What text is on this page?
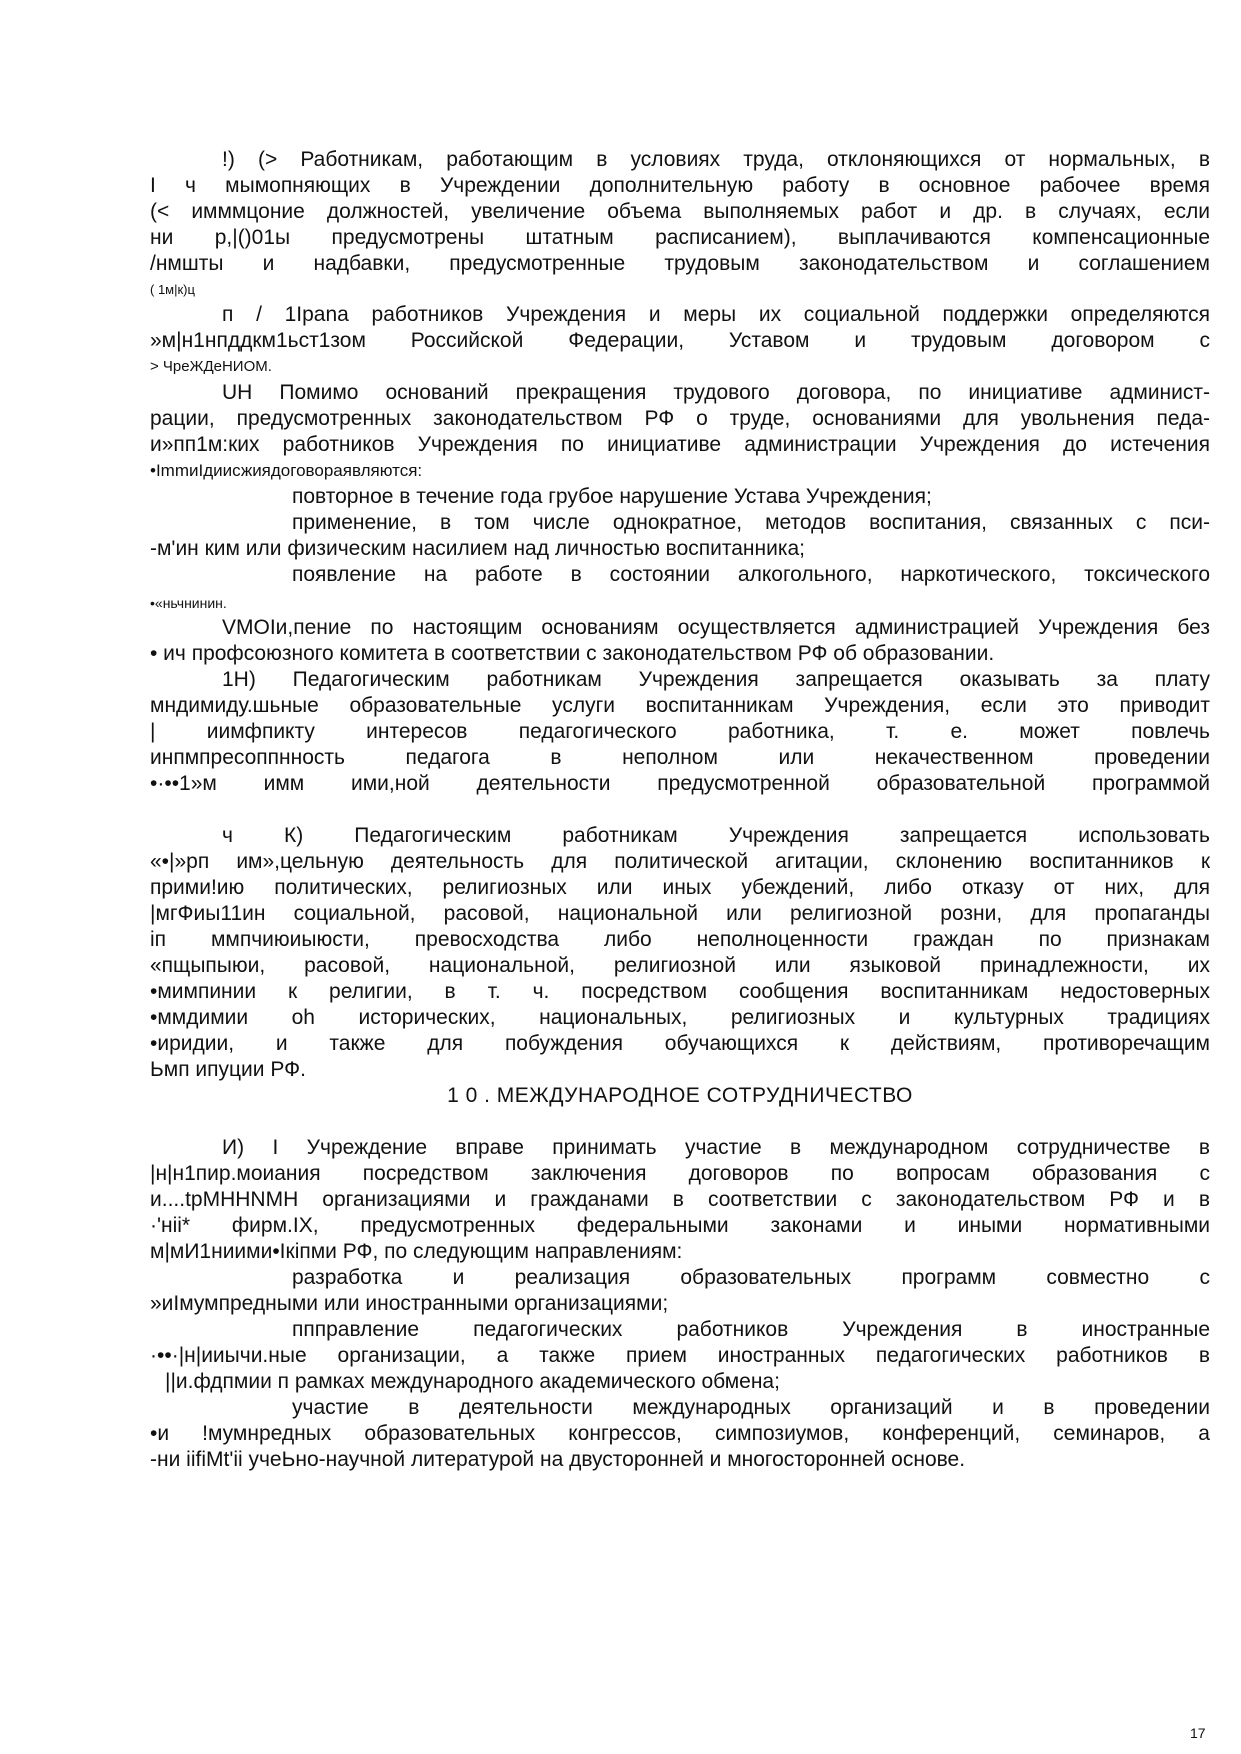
!) (> Работникам, работающим в условиях труда, отклоняющихся от нормальных, в
I ч мымопняющих в Учреждении дополнительную работу в основное рабочее время
(< имммцоние должностей, увеличение объема выполняемых работ и др. в случаях, если
ни р,|()01ы предусмотрены штатным расписанием), выплачиваются компенсационные
/нмшты и надбавки, предусмотренные трудовым законодательством и соглашением
( 1м|к)ц
п / 1Ipana работников Учреждения и меры их социальной поддержки определяются
»м|н1нпддкм1ьст1зом Российской Федерации, Уставом и трудовым договором с
> ЧреЖДеНИОМ.
UH Помимо оснований прекращения трудового договора, по инициативе админист-
рации, предусмотренных законодательством РФ о труде, основаниями для увольнения педа-
и»пп1м:ких работников Учреждения по инициативе администрации Учреждения до истечения
•ImmиIдиисжиядоговораявляются:
повторное в течение года грубое нарушение Устава Учреждения;
применение, в том числе однократное, методов воспитания, связанных с пси-
-м'ин ким или физическим насилием над личностью воспитанника;
появление на работе в состоянии алкогольного, наркотического, токсического
•«ньчнинин.
VMOIи,пение по настоящим основаниям осуществляется администрацией Учреждения без
• ич профсоюзного комитета в соответствии с законодательством РФ об образовании.
1Н) Педагогическим работникам Учреждения запрещается оказывать за плату
мндимиду.шьные образовательные услуги воспитанникам Учреждения, если это приводит
| иимфпикту интересов педагогического работника, т. е. может повлечь
инпмпресоппнность педагога в неполном или некачественном проведении
•·••1»м имм ими,ной деятельности предусмотренной образовательной программой
ч К) Педагогическим работникам Учреждения запрещается использовать
«•|»рп им»,цельную деятельность для политической агитации, склонению воспитанников к
прими!ию политических, религиозных или иных убеждений, либо отказу от них, для
|мгФиы11ин социальной, расовой, национальной или религиозной розни, для пропаганды
iп ммпчиюиыюсти, превосходства либо неполноценности граждан по признакам
«пщыпыюи, расовой, национальной, религиозной или языковой принадлежности, их
•мимпинии к религии, в т. ч. посредством сообщения воспитанникам недостоверных
•ммдимии oh исторических, национальных, религиозных и культурных традициях
•иридии, и также для побуждения обучающихся к действиям, противоречащим
Ьмп ипуции РФ.
1 0 . МЕЖДУНАРОДНОЕ СОТРУДНИЧЕСТВО
И) I Учреждение вправе принимать участие в международном сотрудничестве в
|н|н1пир.моиания посредством заключения договоров по вопросам образования с
и....tpMHHNMH организациями и гражданами в соответствии с законодательством РФ и в
·'нii* фирм.IX, предусмотренных федеральными законами и иными нормативными
м|мИ1ниими•Iкiпми РФ, по следующим направлениям:
разработка и реализация образовательных программ совместно с
»иIмумпредными или иностранными организациями;
ппправление педагогических работников Учреждения в иностранные
·••·|н|ииычи.ные организации, а также прием иностранных педагогических работников в
||и.фдпмии п рамках международного академического обмена;
участие в деятельности международных организаций и в проведении
•и !мумнредных образовательных конгрессов, симпозиумов, конференций, семинаров, а
-ни iifiMt'ii учеЬно-научной литературой на двусторонней и многосторонней основе.
17
